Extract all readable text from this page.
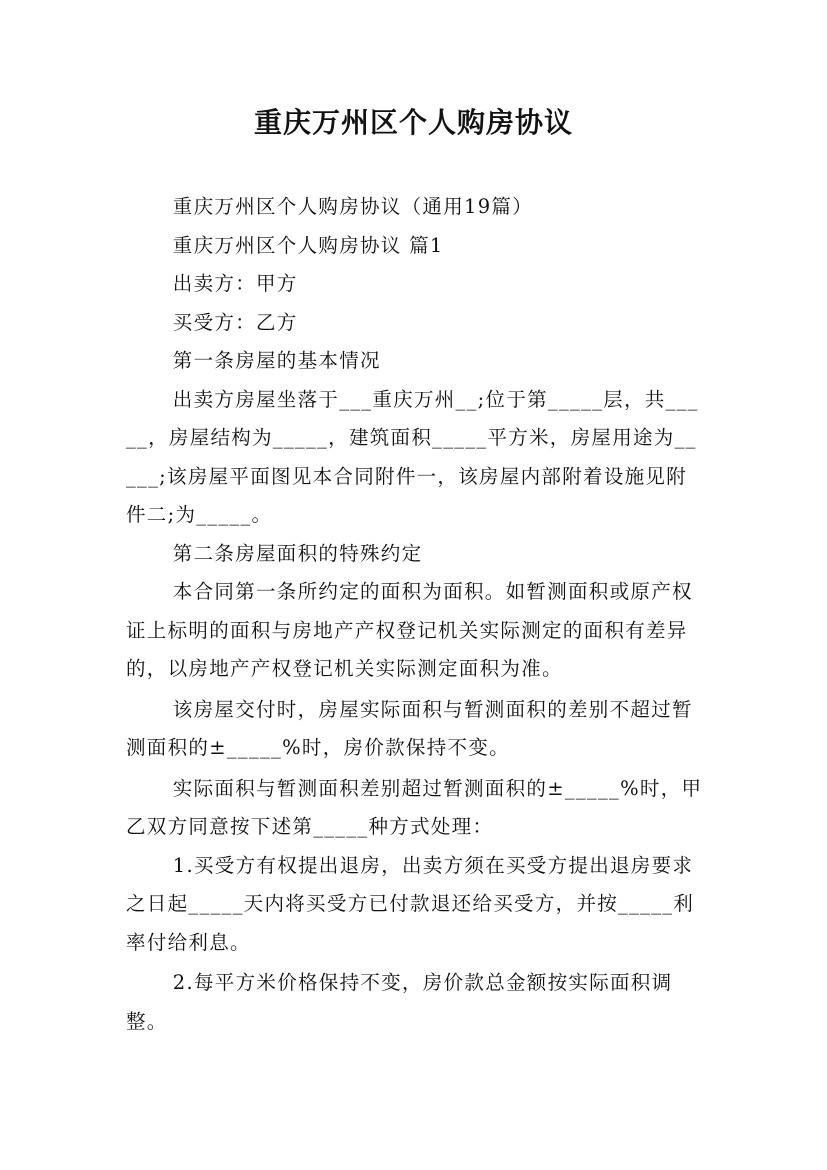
重庆万州区个人购房协议

重庆万州区个人购房协议（通用19篇）

重庆万州区个人购房协议 篇1

出卖方：甲方

买受方：乙方

第一条房屋的基本情况

出卖方房屋坐落于___重庆万州__;位于第_____层，共_____，房屋结构为_____，建筑面积_____平方米，房屋用途为_____;该房屋平面图见本合同附件一，该房屋内部附着设施见附件二;为_____。

第二条房屋面积的特殊约定

本合同第一条所约定的面积为面积。如暂测面积或原产权证上标明的面积与房地产产权登记机关实际测定的面积有差异的，以房地产产权登记机关实际测定面积为准。

该房屋交付时，房屋实际面积与暂测面积的差别不超过暂测面积的±_____%时，房价款保持不变。

实际面积与暂测面积差别超过暂测面积的±_____%时，甲乙双方同意按下述第_____种方式处理：

1.买受方有权提出退房，出卖方须在买受方提出退房要求之日起_____天内将买受方已付款退还给买受方，并按_____利率付给利息。

2.每平方米价格保持不变，房价款总金额按实际面积调整。
